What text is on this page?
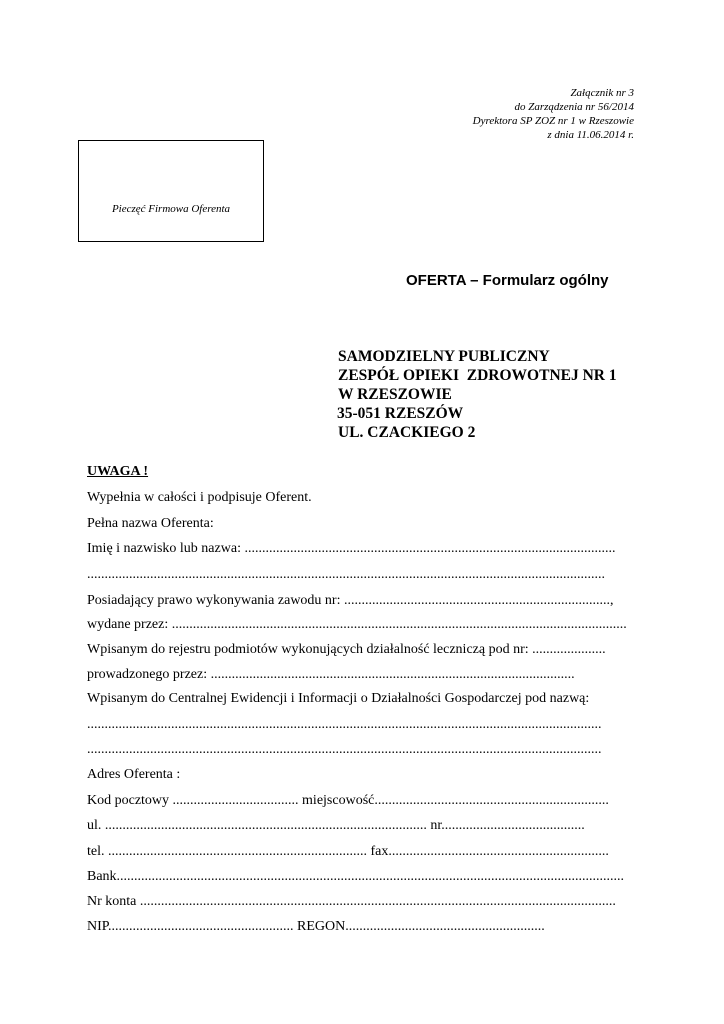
Załącznik nr 3
do Zarządzenia nr 56/2014
Dyrektora SP ZOZ nr 1 w Rzeszowie
z dnia 11.06.2014 r.
Pieczęć Firmowa Oferenta
OFERTA – Formularz ogólny
SAMODZIELNY PUBLICZNY
ZESPÓŁ OPIEKI  ZDROWOTNEJ NR 1
W RZESZOWIE
35-051 RZESZÓW
UL. CZACKIEGO 2
UWAGA !
Wypełnia w całości i podpisuje Oferent.
Pełna nazwa Oferenta:
Imię i nazwisko lub nazwa: ..........................................................................................................
....................................................................................................................................................
Posiadający prawo wykonywania zawodu nr: ............................................................................,
wydane przez: ..................................................................................................................................
Wpisanym do rejestru podmiotów wykonujących działalność leczniczą pod nr: .....................
prowadzonego przez: ........................................................................................................
Wpisanym do Centralnej Ewidencji i Informacji o Działalności Gospodarczej pod nazwą:
...................................................................................................................................................
...................................................................................................................................................
Adres Oferenta :
Kod pocztowy .................................... miejscowość...................................................................
ul. ............................................................................................ nr.........................................
tel. .......................................................................... fax...............................................................
Bank.................................................................................................................................................
Nr konta ........................................................................................................................................
NIP..................................................... REGON.........................................................
